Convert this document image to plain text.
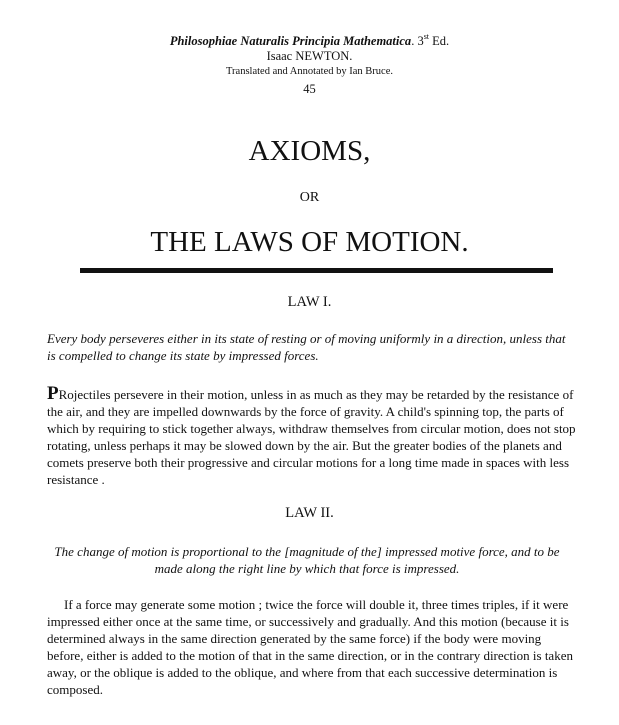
Philosophiae Naturalis Principia Mathematica. 3st Ed.
Isaac NEWTON.
Translated and Annotated by Ian Bruce.
45
AXIOMS,
OR
THE LAWS OF MOTION.
LAW I.
Every body perseveres either in its state of resting or of moving uniformly in a direction, unless that is compelled to change its state by impressed forces.
PRojectiles persevere in their motion, unless in as much as they may be retarded by the resistance of the air, and they are impelled downwards by the force of gravity. A child's spinning top, the parts of which by requiring to stick together always, withdraw themselves from circular motion, does not stop rotating, unless perhaps it may be slowed down by the air. But the greater bodies of the planets and comets preserve both their progressive and circular motions for a long time made in spaces with less resistance .
LAW II.
The change of motion is proportional to the [magnitude of the] impressed motive force, and to be made along the right line by which that force is impressed.
If a force may generate some motion ; twice the force will double it, three times triples, if it were impressed either once at the same time, or successively and gradually. And this motion (because it is determined always in the same direction generated by the same force) if the body were moving before, either is added to the motion of that in the same direction, or in the contrary direction is taken away, or the oblique is added to the oblique, and where from that each successive determination is composed.
